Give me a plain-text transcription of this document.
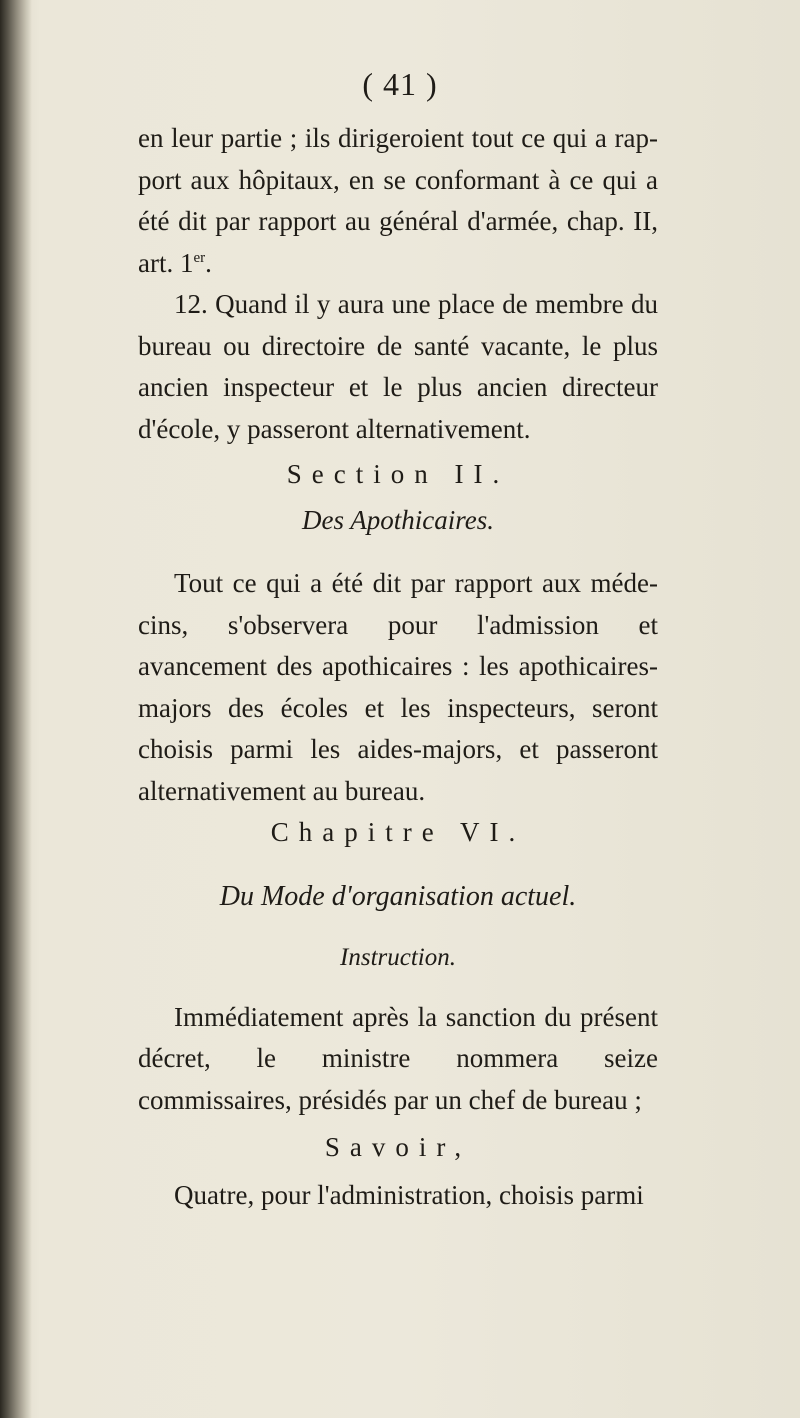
( 41 )

en leur partie ; ils dirigeroient tout ce qui a rap-port aux hôpitaux, en se conformant à ce qui a été dit par rapport au général d'armée, chap. II, art. 1er.

12. Quand il y aura une place de membre du bureau ou directoire de santé vacante, le plus ancien inspecteur et le plus ancien directeur d'école, y passeront alternativement.

Section II.

Des Apothicaires.

Tout ce qui a été dit par rapport aux méde-cins, s'observera pour l'admission et avancement des apothicaires : les apothicaires-majors des écoles et les inspecteurs, seront choisis parmi les aides-majors, et passeront alternativement au bureau.

Chapitre VI.

Du Mode d'organisation actuel.

Instruction.

Immédiatement après la sanction du présent décret, le ministre nommera seize commissaires, présidés par un chef de bureau ;

Savoir,

Quatre, pour l'administration, choisis parmi
